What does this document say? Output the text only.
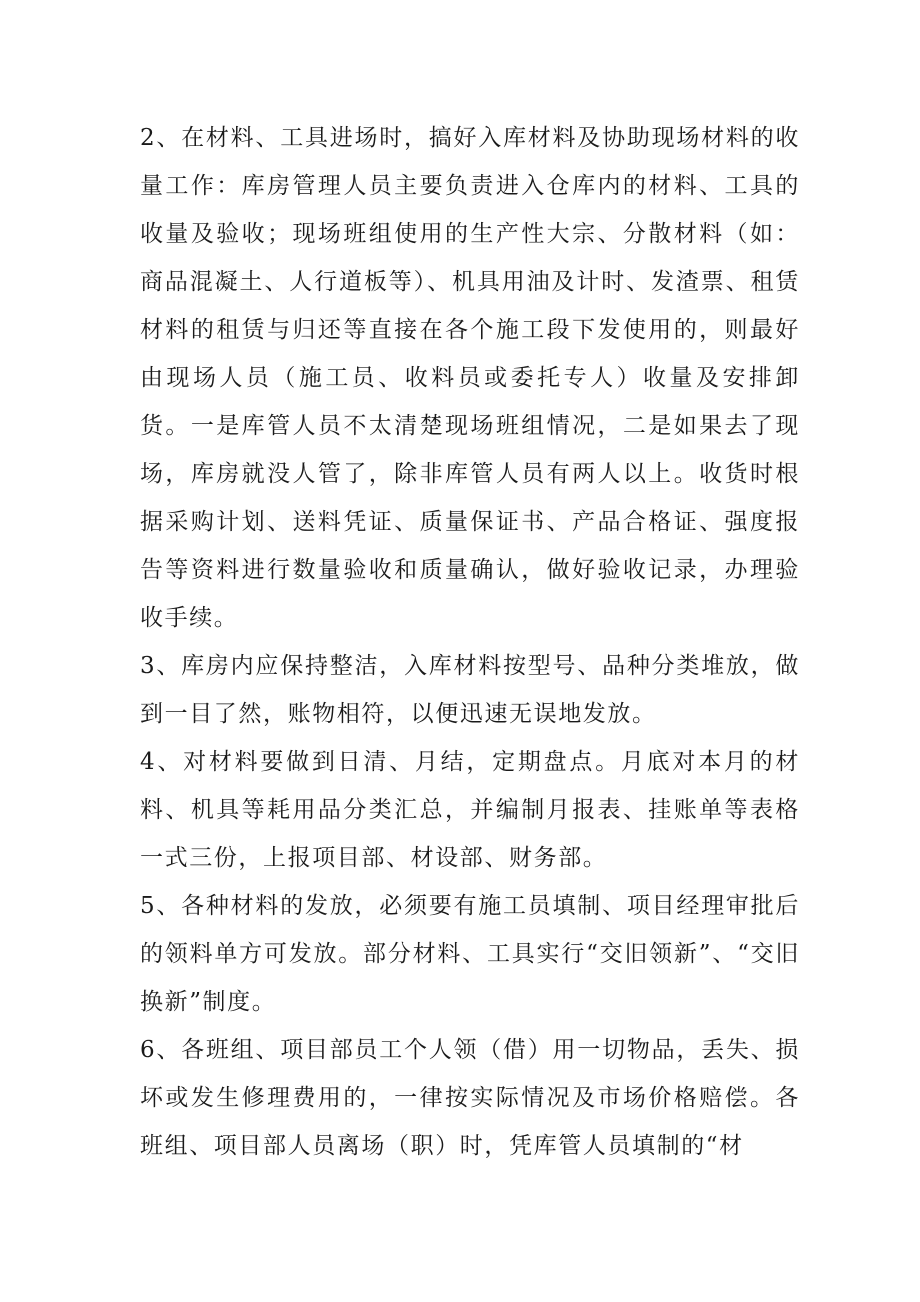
2、在材料、工具进场时，搞好入库材料及协助现场材料的收量工作：库房管理人员主要负责进入仓库内的材料、工具的收量及验收；现场班组使用的生产性大宗、分散材料（如：商品混凝土、人行道板等）、机具用油及计时、发渣票、租赁材料的租赁与归还等直接在各个施工段下发使用的，则最好由现场人员（施工员、收料员或委托专人）收量及安排卸货。一是库管人员不太清楚现场班组情况，二是如果去了现场，库房就没人管了，除非库管人员有两人以上。收货时根据采购计划、送料凭证、质量保证书、产品合格证、强度报告等资料进行数量验收和质量确认，做好验收记录，办理验收手续。

3、库房内应保持整洁，入库材料按型号、品种分类堆放，做到一目了然，账物相符，以便迅速无误地发放。

4、对材料要做到日清、月结，定期盘点。月底对本月的材料、机具等耗用品分类汇总，并编制月报表、挂账单等表格一式三份，上报项目部、材设部、财务部。

5、各种材料的发放，必须要有施工员填制、项目经理审批后的领料单方可发放。部分材料、工具实行“交旧领新”、“交旧换新”制度。

6、各班组、项目部员工个人领（借）用一切物品，丢失、损坏或发生修理费用的，一律按实际情况及市场价格赔偿。各班组、项目部人员离场（职）时，凭库管人员填制的“材
